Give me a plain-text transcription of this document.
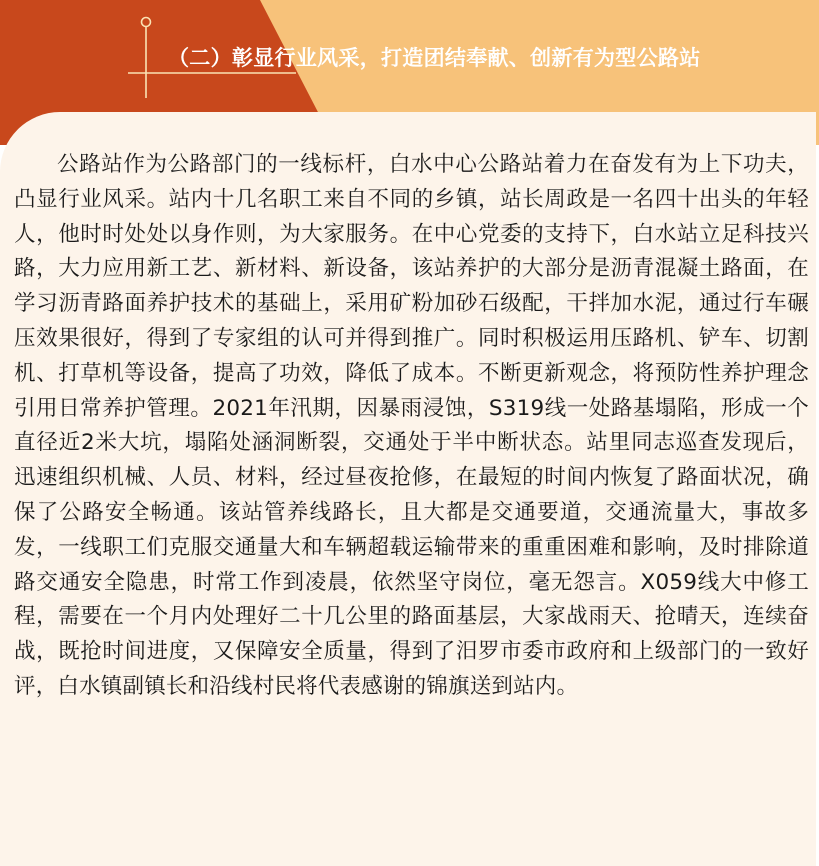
（二）彰显行业风采，打造团结奉献、创新有为型公路站

公路站作为公路部门的一线标杆，白水中心公路站着力在奋发有为上下功夫，凸显行业风采。站内十几名职工来自不同的乡镇，站长周政是一名四十出头的年轻人，他时时处处以身作则，为大家服务。在中心党委的支持下，白水站立足科技兴路，大力应用新工艺、新材料、新设备，该站养护的大部分是沥青混凝土路面，在学习沥青路面养护技术的基础上，采用矿粉加砂石级配，干拌加水泥，通过行车碾压效果很好，得到了专家组的认可并得到推广。同时积极运用压路机、铲车、切割机、打草机等设备，提高了功效，降低了成本。不断更新观念，将预防性养护理念引用日常养护管理。2021年汛期，因暴雨浸蚀，S319线一处路基塌陷，形成一个直径近2米大坑，塌陷处涵洞断裂，交通处于半中断状态。站里同志巡查发现后，迅速组织机械、人员、材料，经过昼夜抢修，在最短的时间内恢复了路面状况，确保了公路安全畅通。该站管养线路长，且大都是交通要道，交通流量大，事故多发，一线职工们克服交通量大和车辆超载运输带来的重重困难和影响，及时排除道路交通安全隐患，时常工作到凌晨，依然坚守岗位，毫无怨言。X059线大中修工程，需要在一个月内处理好二十几公里的路面基层，大家战雨天、抢晴天，连续奋战，既抢时间进度，又保障安全质量，得到了汨罗市委市政府和上级部门的一致好评，白水镇副镇长和沿线村民将代表感谢的锦旗送到站内。
